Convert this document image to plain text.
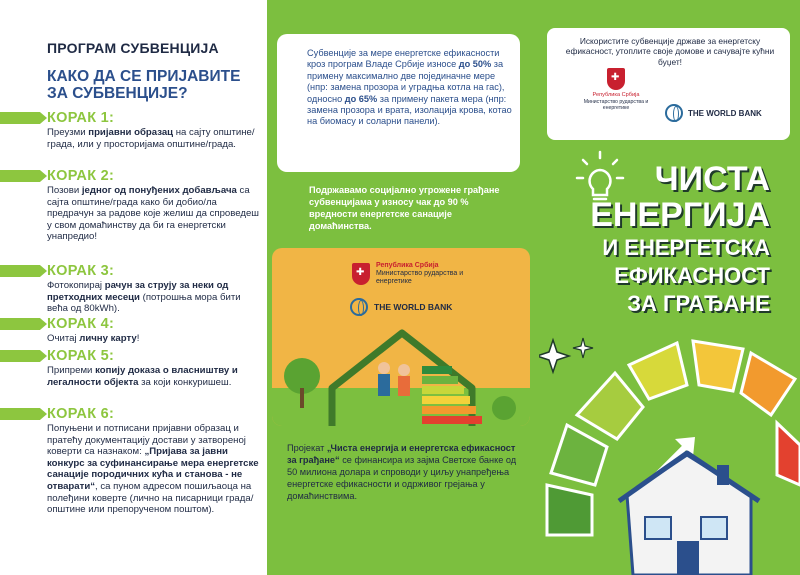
ПРОГРАМ СУБВЕНЦИЈА
КАКО ДА СЕ ПРИЈАВИТЕ ЗА СУБВЕНЦИЈЕ?
КОРАК 1:
Преузми пријавни образац на сајту општине/града, или у просторијама општине/града.
КОРАК 2:
Позови једног од понуђених добављача са сајта општине/града како би добио/ла предрачун за радове које желиш да спроведеш у свом домаћинству да би га енергетски унапредио!
КОРАК 3:
Фотокопирај рачун за струју за неки од претходних месеци (потрошња мора бити већа од 80kWh).
КОРАК 4:
Очитај личну карту!
КОРАК 5:
Припреми копију доказа о власништву и легалности објекта за који конкуришеш.
КОРАК 6:
Попуњени и потписани пријавни образац и пратећу документацију достави у затвореној коверти са назнаком: „Пријава за јавни конкурс за суфинансирање мера енергетске санације породичних кућа и станова - не отварати“, са пуном адресом пошиљаоца на полеђини коверте (лично на писарници града/општине или препорученом поштом).
Субвенције за мере енергетске ефикасности кроз програм Владе Србије износе до 50% за примену максимално две појединачне мере (нпр: замена прозора и уградња котла на гас), односно до 65% за примену пакета мера (нпр: замена прозора и врата, изолација крова, котао на биомасу и соларни панели).
Подржавамо социјално угрожене грађане субвенцијама у износу чак до 90 % вредности енергетске санације домаћинства.
✚
Република Србија
Министарство рударства и енергетике
THE WORLD BANK
Пројекат „Чиста енергија и енергетска ефикасност за грађане“ се финансира из зајма Светске банке од 50 милиона долара и спроводи у циљу унапређења енергетске ефикасности и одрживог грејања у домаћинствима.
Искористите субвенције државе за енергетску ефикасност, утоплите своје домове и сачувајте кућни буџет!
✚
Република Србија
Министарство рударства и енергетике
THE WORLD BANK
ЧИСТА
ЕНЕРГИЈА
И ЕНЕРГЕТСКА
ЕФИКАСНОСТ
ЗА ГРАЂАНЕ
